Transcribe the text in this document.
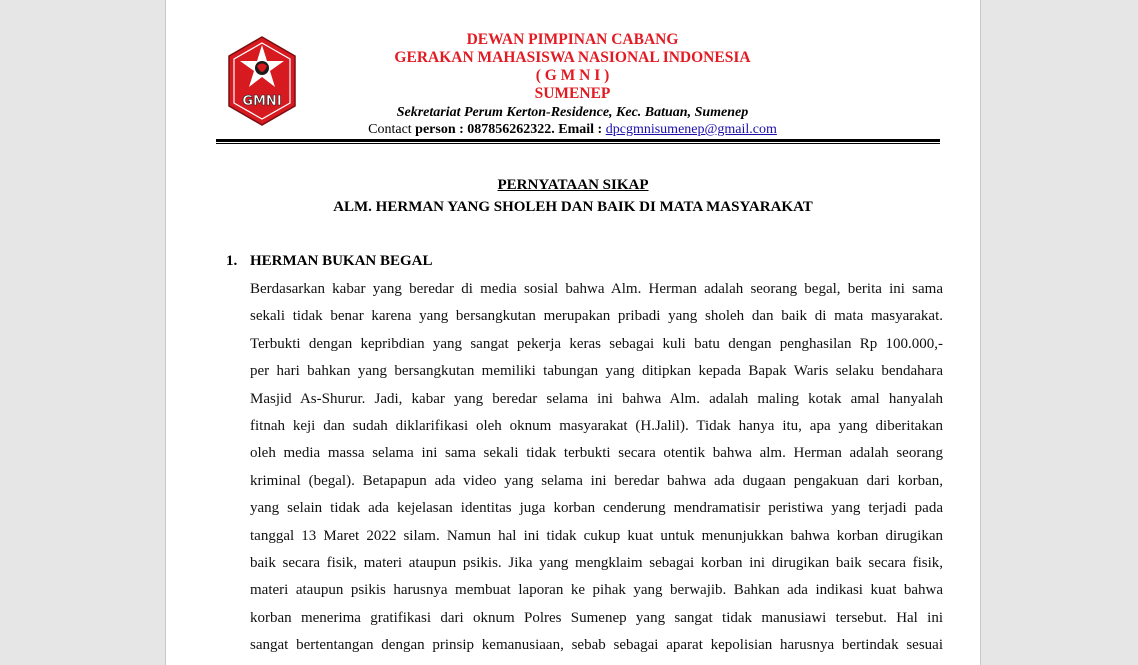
GMNI
DEWAN PIMPINAN CABANG
GERAKAN MAHASISWA NASIONAL INDONESIA
( G M N I )
SUMENEP
Sekretariat Perum Kerton-Residence, Kec. Batuan, Sumenep
Contact person : 087856262322. Email : dpcgmnisumenep@gmail.com
PERNYATAAN SIKAP
ALM. HERMAN YANG SHOLEH DAN BAIK DI MATA MASYARAKAT
1. HERMAN BUKAN BEGAL
Berdasarkan kabar yang beredar di media sosial bahwa Alm. Herman adalah seorang begal, berita ini sama
sekali tidak benar karena yang bersangkutan merupakan pribadi yang sholeh dan baik di mata masyarakat.
Terbukti dengan kepribdian yang sangat pekerja keras sebagai kuli batu dengan penghasilan Rp 100.000,-
per hari bahkan yang bersangkutan memiliki tabungan yang ditipkan kepada Bapak Waris selaku bendahara
Masjid As-Shurur. Jadi, kabar yang beredar selama ini bahwa Alm. adalah maling kotak amal hanyalah
fitnah keji dan sudah diklarifikasi oleh oknum masyarakat (H.Jalil). Tidak hanya itu, apa yang diberitakan
oleh media massa selama ini sama sekali tidak terbukti secara otentik bahwa alm. Herman adalah seorang
kriminal (begal). Betapapun ada video yang selama ini beredar bahwa ada dugaan pengakuan dari korban,
yang selain tidak ada kejelasan identitas juga korban cenderung mendramatisir peristiwa yang terjadi pada
tanggal 13 Maret 2022 silam. Namun hal ini tidak cukup kuat untuk menunjukkan bahwa korban dirugikan
baik secara fisik, materi ataupun psikis. Jika yang mengklaim sebagai korban ini dirugikan baik secara fisik,
materi ataupun psikis harusnya membuat laporan ke pihak yang berwajib. Bahkan ada indikasi kuat bahwa
korban menerima gratifikasi dari oknum Polres Sumenep yang sangat tidak manusiawi tersebut. Hal ini
sangat bertentangan dengan prinsip kemanusiaan, sebab sebagai aparat kepolisian harusnya bertindak sesuai
